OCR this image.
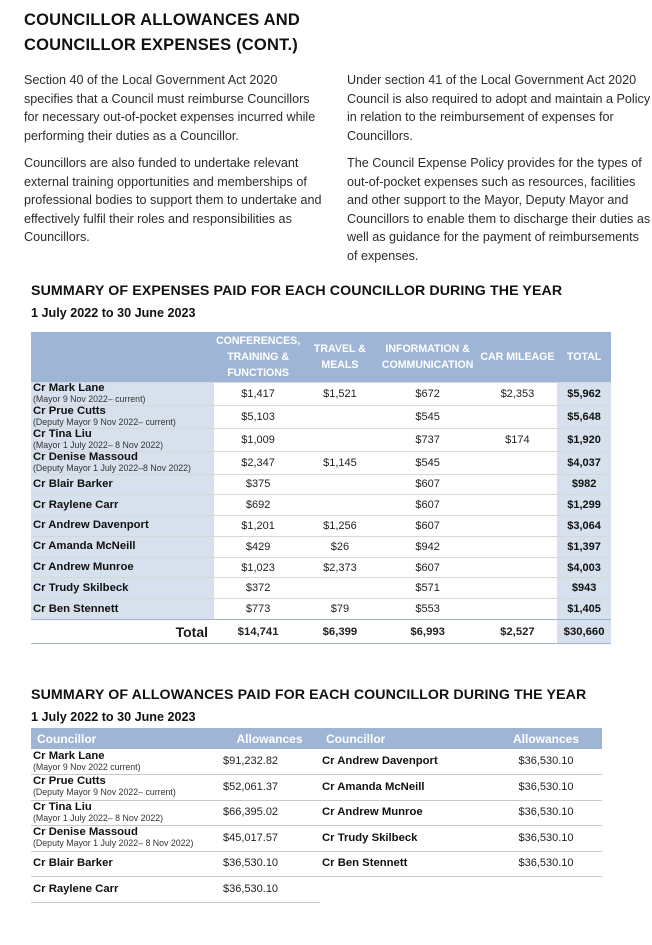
COUNCILLOR ALLOWANCES AND
COUNCILLOR EXPENSES (CONT.)

Section 40 of the Local Government Act 2020 specifies that a Council must reimburse Councillors for necessary out-of-pocket expenses incurred while performing their duties as a Councillor.

Councillors are also funded to undertake relevant external training opportunities and memberships of professional bodies to support them to undertake and effectively fulfil their roles and responsibilities as Councillors.

Under section 41 of the Local Government Act 2020 Council is also required to adopt and maintain a Policy in relation to the reimbursement of expenses for Councillors.

The Council Expense Policy provides for the types of out-of-pocket expenses such as resources, facilities and other support to the Mayor, Deputy Mayor and Councillors to enable them to discharge their duties as well as guidance for the payment of reimbursements of expenses.

SUMMARY OF EXPENSES PAID FOR EACH COUNCILLOR DURING THE YEAR
1 July 2022 to 30 June 2023
	CONFERENCES, TRAINING & FUNCTIONS	TRAVEL & MEALS	INFORMATION & COMMUNICATION	CAR MILEAGE	TOTAL

Cr Mark Lane
(Mayor 9 Nov 2022– current)	$1,417	$1,521	$672	$2,353	$5,962

Cr Prue Cutts
(Deputy Mayor 9 Nov 2022– current)	$5,103		$545		$5,648

Cr Tina Liu
(Mayor 1 July 2022– 8 Nov 2022)	$1,009		$737	$174	$1,920

Cr Denise Massoud
(Deputy Mayor 1 July 2022–8 Nov 2022)	$2,347	$1,145	$545		$4,037

Cr Blair Barker	$375		$607		$982

Cr Raylene Carr	$692		$607		$1,299

Cr Andrew Davenport	$1,201	$1,256	$607		$3,064

Cr Amanda McNeill	$429	$26	$942		$1,397

Cr Andrew Munroe	$1,023	$2,373	$607		$4,003

Cr Trudy Skilbeck	$372		$571		$943

Cr Ben Stennett	$773	$79	$553		$1,405
Total	$14,741	$6,399	$6,993	$2,527	$30,660
SUMMARY OF ALLOWANCES PAID FOR EACH COUNCILLOR DURING THE YEAR
1 July 2022 to 30 June 2023
Councillor	Allowances	Councillor	Allowances

Cr Mark Lane
(Mayor 9 Nov 2022 current)	$91,232.82	Cr Andrew Davenport	$36,530.10

Cr Prue Cutts
(Deputy Mayor 9 Nov 2022– current)	$52,061.37	Cr Amanda McNeill	$36,530.10

Cr Tina Liu
(Mayor 1 July 2022– 8 Nov 2022)	$66,395.02	Cr Andrew Munroe	$36,530.10

Cr Denise Massoud
(Deputy Mayor 1 July 2022– 8 Nov 2022)	$45,017.57	Cr Trudy Skilbeck	$36,530.10

Cr Blair Barker	$36,530.10	Cr Ben Stennett	$36,530.10

Cr Raylene Carr	$36,530.10		
